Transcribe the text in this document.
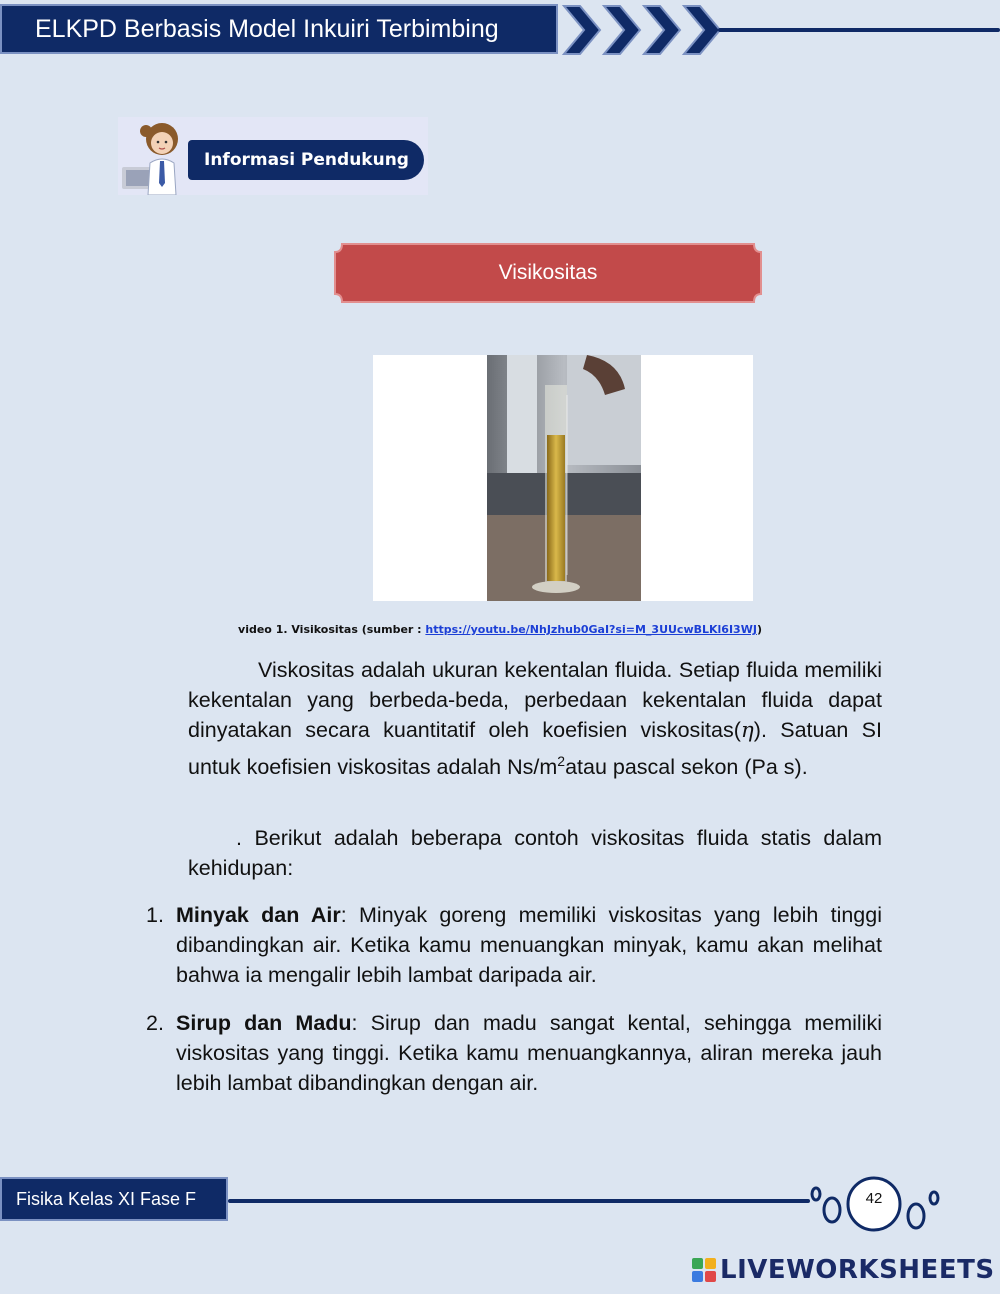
ELKPD Berbasis Model Inkuiri Terbimbing
Informasi Pendukung
Visikositas
video 1. Visikositas (sumber : https://youtu.be/NhJzhub0GaI?si=M_3UUcwBLKl6I3WJ)

Viskositas adalah ukuran kekentalan fluida. Setiap fluida memiliki kekentalan yang berbeda-beda, perbedaan kekentalan fluida dapat dinyatakan secara kuantitatif oleh koefisien viskositas(η). Satuan SI untuk koefisien viskositas adalah $Ns/m^2atau$ pascal sekon (Pa s).

. Berikut adalah beberapa contoh viskositas fluida statis dalam kehidupan:

1. Minyak dan Air: Minyak goreng memiliki viskositas yang lebih tinggi dibandingkan air. Ketika kamu menuangkan minyak, kamu akan melihat bahwa ia mengalir lebih lambat daripada air.

2. Sirup dan Madu: Sirup dan madu sangat kental, sehingga memiliki viskositas yang tinggi. Ketika kamu menuangkannya, aliran mereka jauh lebih lambat dibandingkan dengan air.

Fisika Kelas XI Fase F	42
LIVEWORKSHEETS
